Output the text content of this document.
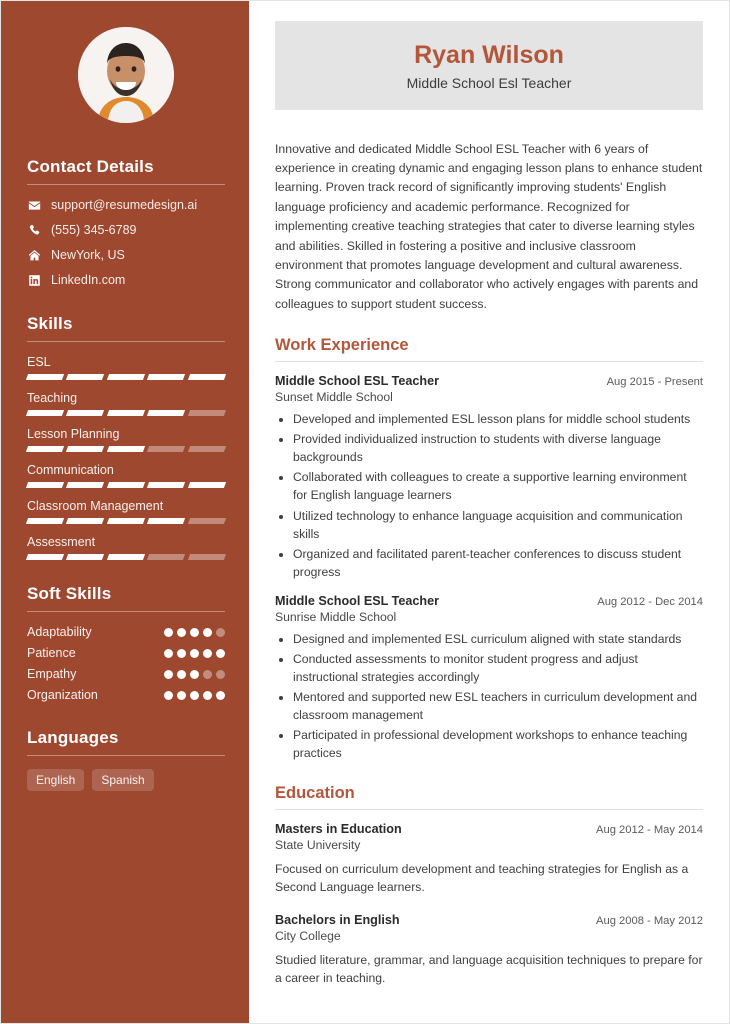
Contact Details
support@resumedesign.ai
(555) 345-6789
NewYork, US
LinkedIn.com
Skills
ESL
Teaching
Lesson Planning
Communication
Classroom Management
Assessment
Soft Skills
Adaptability
Patience
Empathy
Organization
Languages
English	Spanish
Ryan Wilson
Middle School Esl Teacher

Innovative and dedicated Middle School ESL Teacher with 6 years of experience in creating dynamic and engaging lesson plans to enhance student learning. Proven track record of significantly improving students' English language proficiency and academic performance. Recognized for implementing creative teaching strategies that cater to diverse learning styles and abilities. Skilled in fostering a positive and inclusive classroom environment that promotes language development and cultural awareness. Strong communicator and collaborator who actively engages with parents and colleagues to support student success.

Work Experience
Middle School ESL Teacher	Aug 2015 - Present
Sunset Middle School
• Developed and implemented ESL lesson plans for middle school students
• Provided individualized instruction to students with diverse language backgrounds
• Collaborated with colleagues to create a supportive learning environment for English language learners
• Utilized technology to enhance language acquisition and communication skills
• Organized and facilitated parent-teacher conferences to discuss student progress
Middle School ESL Teacher	Aug 2012 - Dec 2014
Sunrise Middle School
• Designed and implemented ESL curriculum aligned with state standards
• Conducted assessments to monitor student progress and adjust instructional strategies accordingly
• Mentored and supported new ESL teachers in curriculum development and classroom management
• Participated in professional development workshops to enhance teaching practices
Education
Masters in Education	Aug 2012 - May 2014
State University
Focused on curriculum development and teaching strategies for English as a Second Language learners.
Bachelors in English	Aug 2008 - May 2012
City College
Studied literature, grammar, and language acquisition techniques to prepare for a career in teaching.
